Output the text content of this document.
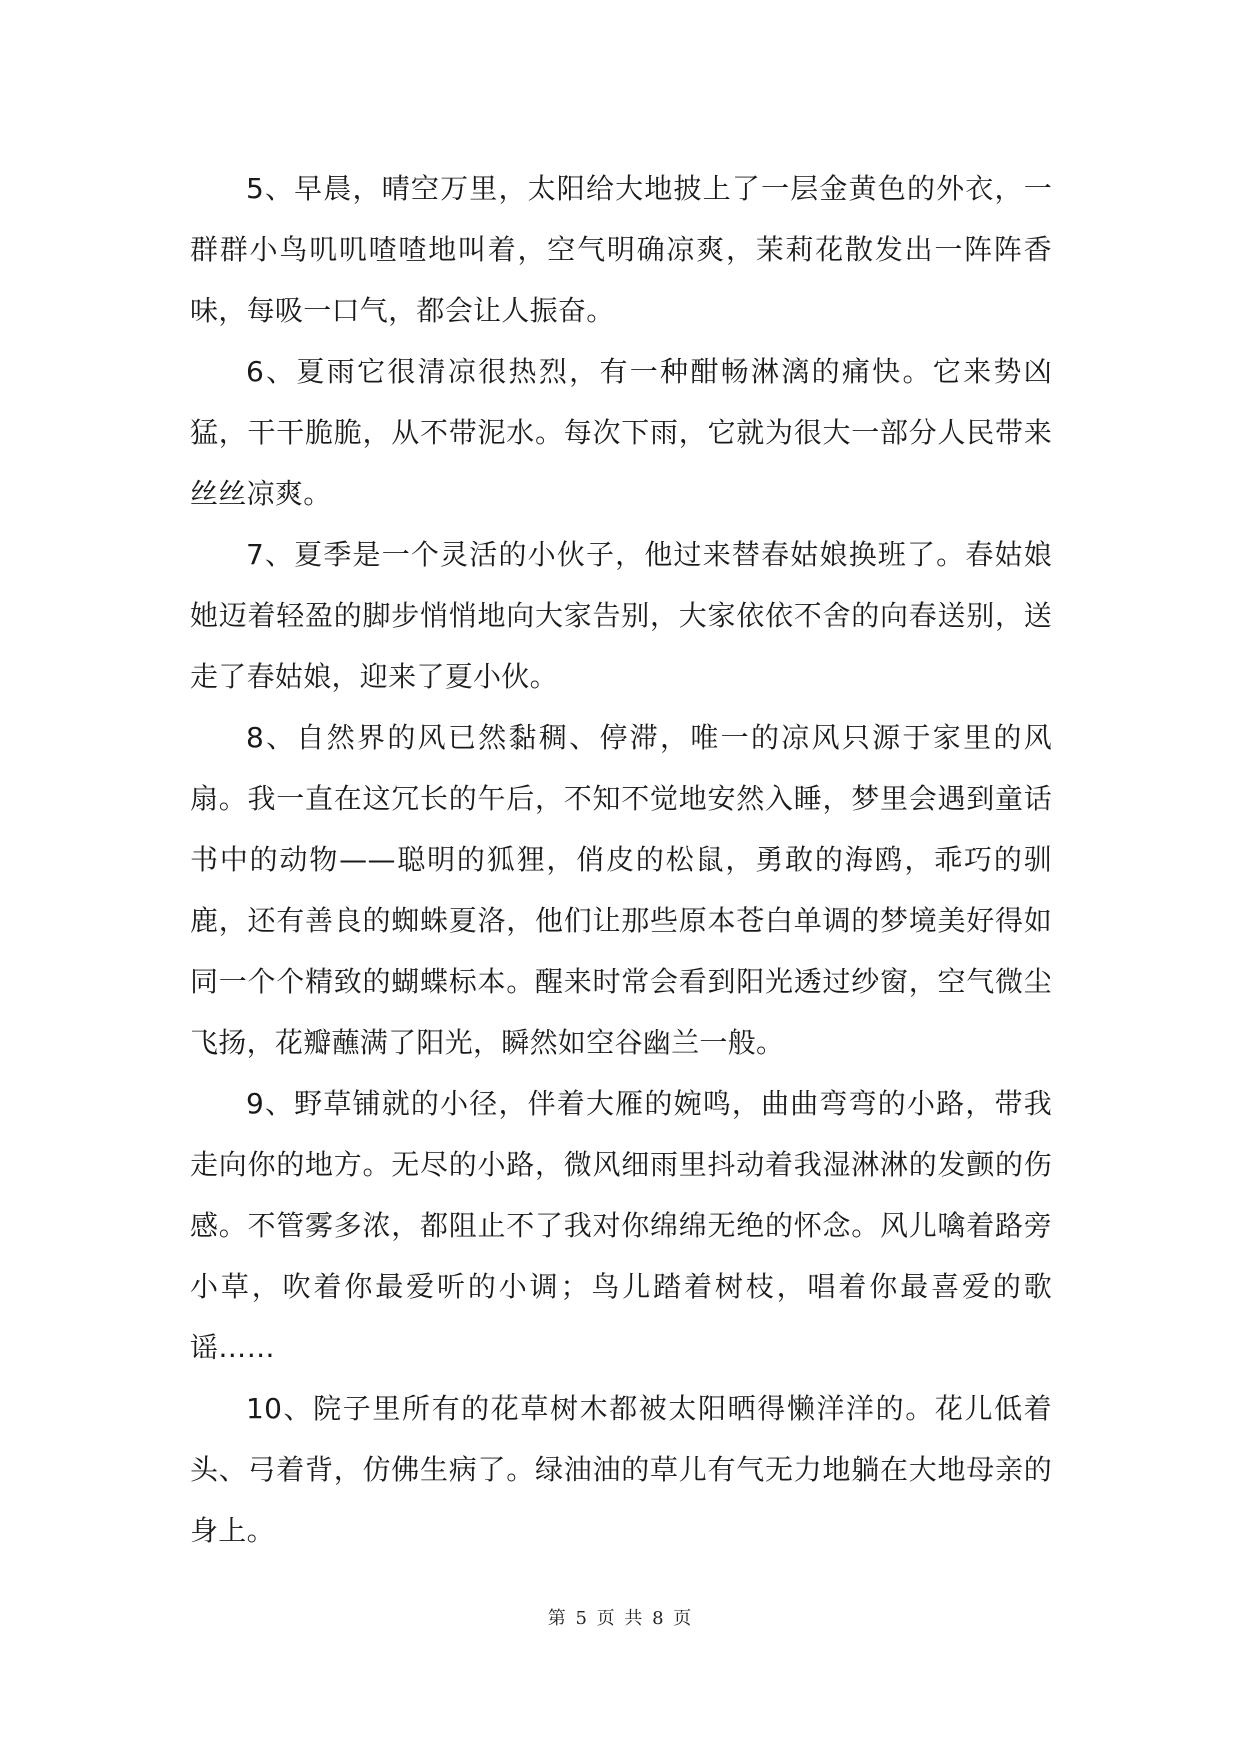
5、早晨，晴空万里，太阳给大地披上了一层金黄色的外衣，一群群小鸟叽叽喳喳地叫着，空气明确凉爽，茉莉花散发出一阵阵香味，每吸一口气，都会让人振奋。

6、夏雨它很清凉很热烈，有一种酣畅淋漓的痛快。它来势凶猛，干干脆脆，从不带泥水。每次下雨，它就为很大一部分人民带来丝丝凉爽。

7、夏季是一个灵活的小伙子，他过来替春姑娘换班了。春姑娘她迈着轻盈的脚步悄悄地向大家告别，大家依依不舍的向春送别，送走了春姑娘，迎来了夏小伙。

8、自然界的风已然黏稠、停滞，唯一的凉风只源于家里的风扇。我一直在这冗长的午后，不知不觉地安然入睡，梦里会遇到童话书中的动物——聪明的狐狸，俏皮的松鼠，勇敢的海鸥，乖巧的驯鹿，还有善良的蜘蛛夏洛，他们让那些原本苍白单调的梦境美好得如同一个个精致的蝴蝶标本。醒来时常会看到阳光透过纱窗，空气微尘飞扬，花瓣蘸满了阳光，瞬然如空谷幽兰一般。

9、野草铺就的小径，伴着大雁的婉鸣，曲曲弯弯的小路，带我走向你的地方。无尽的小路，微风细雨里抖动着我湿淋淋的发颤的伤感。不管雾多浓，都阻止不了我对你绵绵无绝的怀念。风儿噙着路旁小草，吹着你最爱听的小调；鸟儿踏着树枝，唱着你最喜爱的歌谣……

10、院子里所有的花草树木都被太阳晒得懒洋洋的。花儿低着头、弓着背，仿佛生病了。绿油油的草儿有气无力地躺在大地母亲的身上。

第 5 页 共 8 页
